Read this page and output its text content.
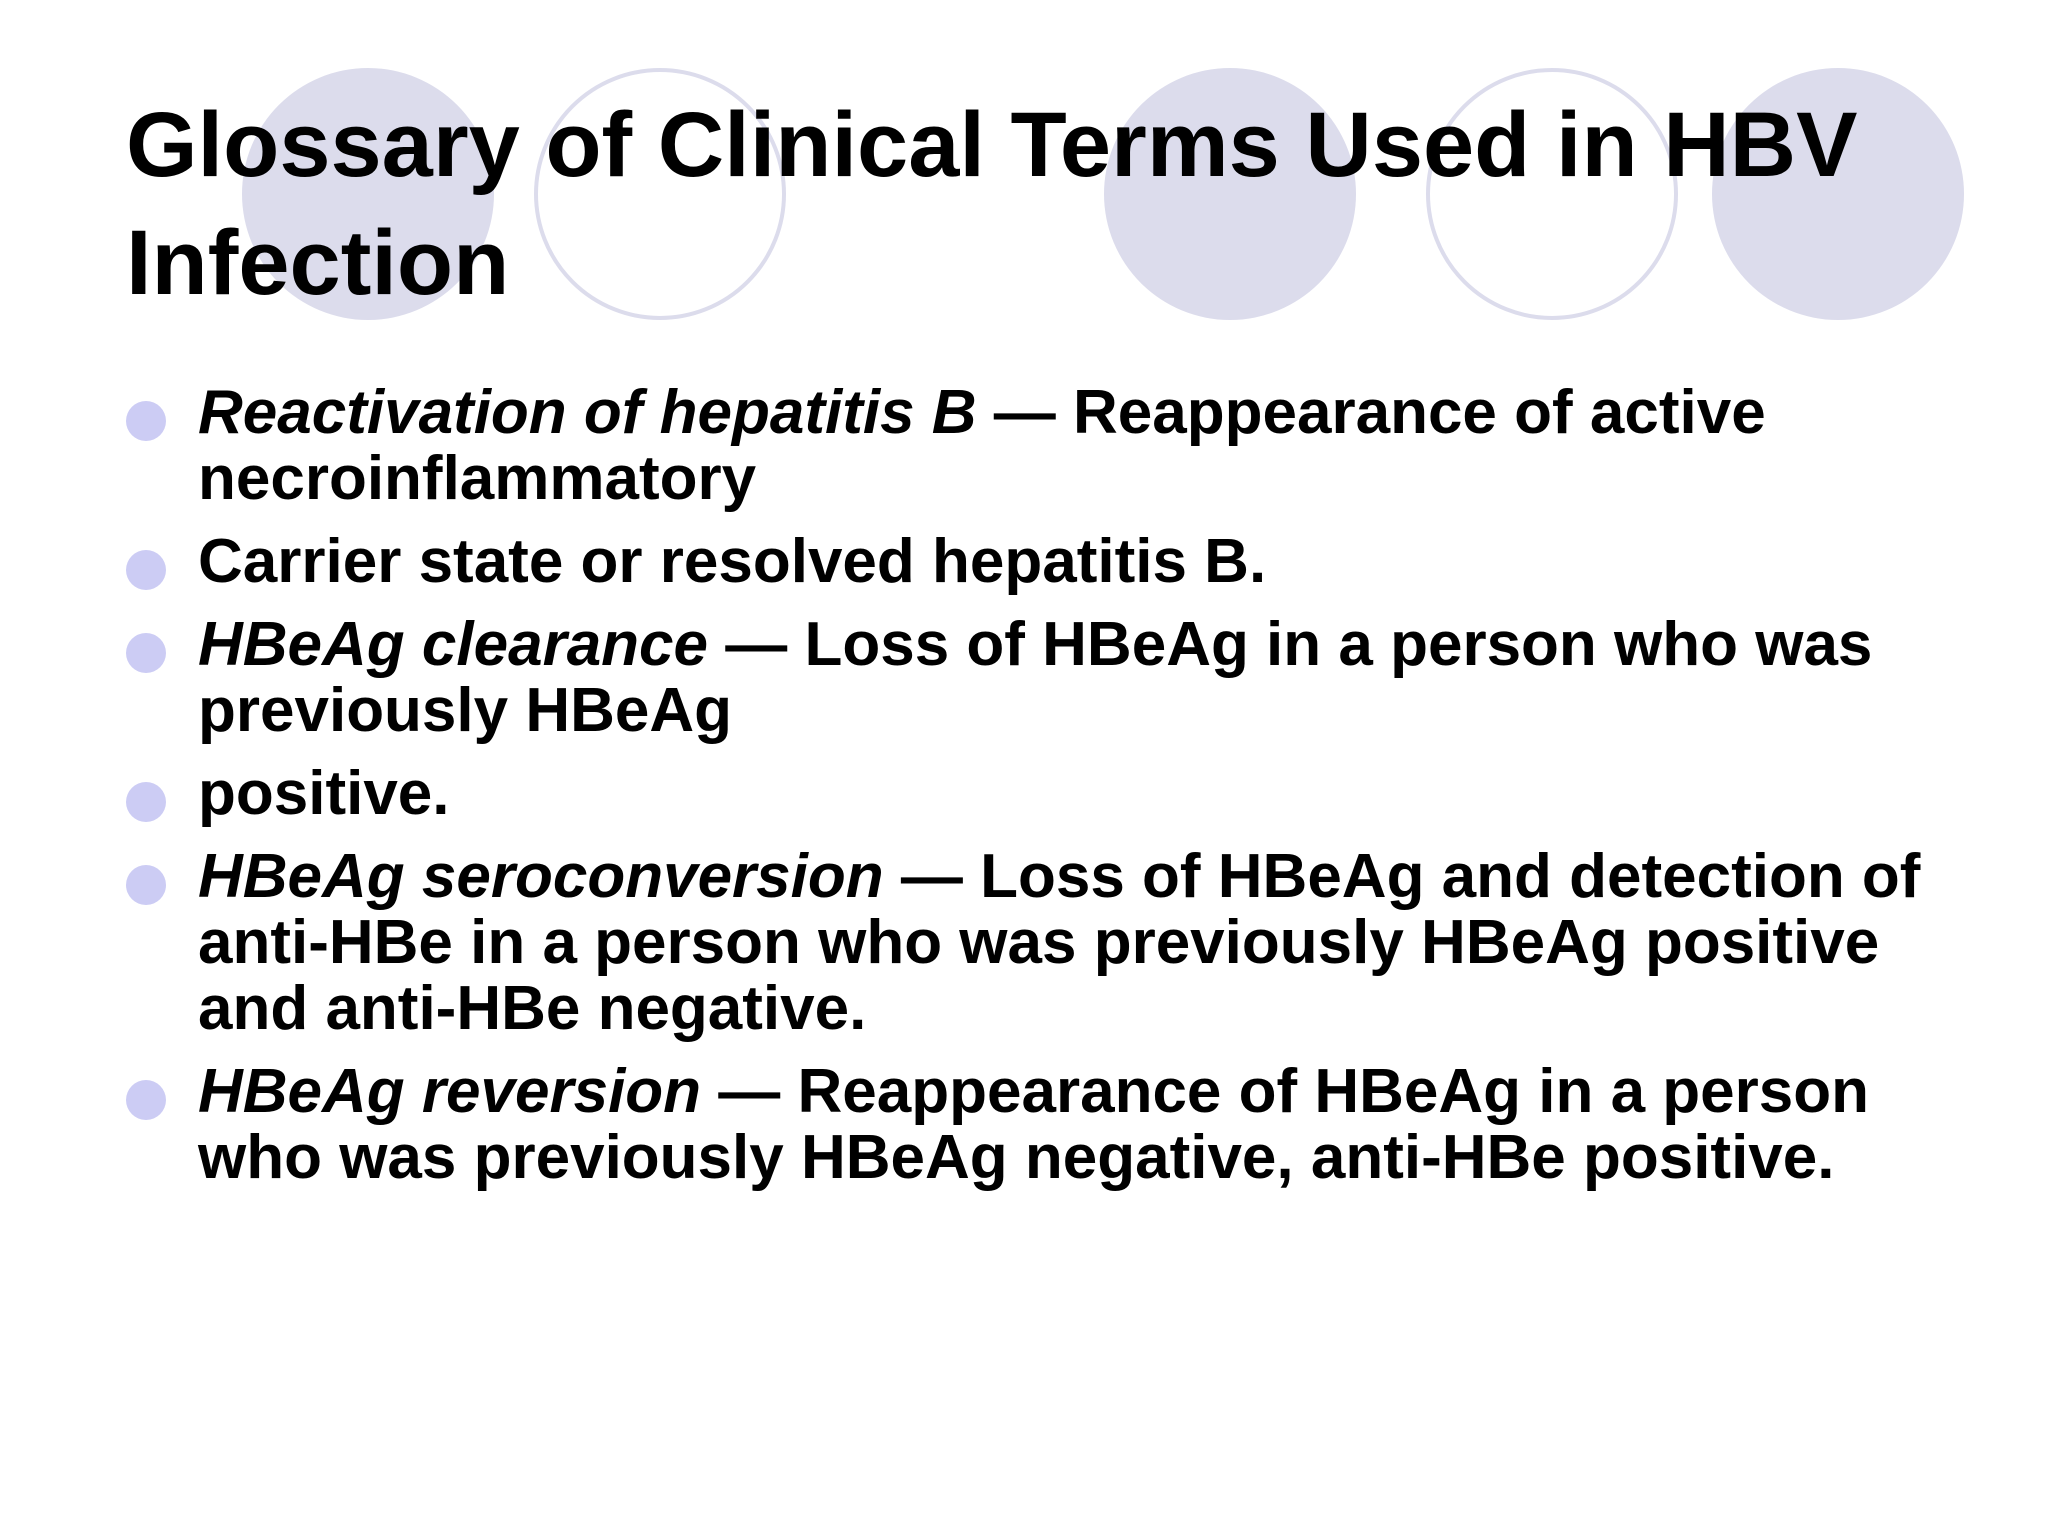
Glossary of Clinical Terms Used in HBV Infection
Reactivation of hepatitis B — Reappearance of active necroinflammatory
Carrier state or resolved hepatitis B.
HBeAg clearance — Loss of HBeAg in a person who was previously HBeAg
positive.
HBeAg seroconversion — Loss of HBeAg and detection of anti-HBe in a person who was previously HBeAg positive and anti-HBe negative.
HBeAg reversion — Reappearance of HBeAg in a person who was previously HBeAg negative, anti-HBe positive.
